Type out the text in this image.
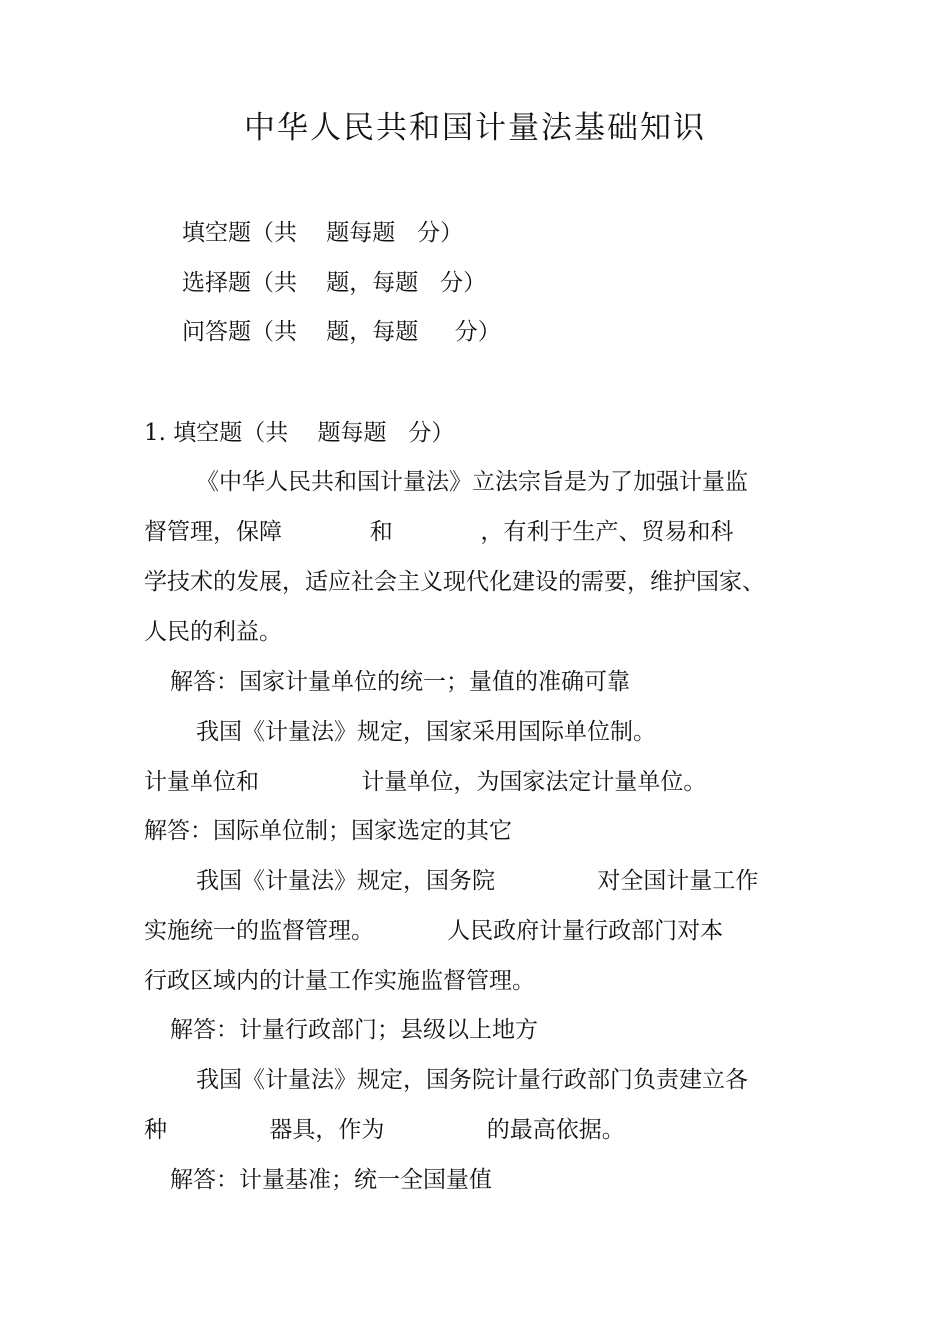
中华人民共和国计量法基础知识
填空题（共    题每题   分）
选择题（共    题，每题   分）
问答题（共    题，每题     分）
1. 填空题（共    题每题   分）
《中华人民共和国计量法》立法宗旨是为了加强计量监
督管理，保障            和            ，有利于生产、贸易和科
学技术的发展，适应社会主义现代化建设的需要，维护国家、
人民的利益。
解答：国家计量单位的统一；量值的准确可靠
我国《计量法》规定，国家采用国际单位制。
计量单位和              计量单位，为国家法定计量单位。
解答：国际单位制；国家选定的其它
我国《计量法》规定，国务院              对全国计量工作
实施统一的监督管理。          人民政府计量行政部门对本
行政区域内的计量工作实施监督管理。
解答：计量行政部门；县级以上地方
我国《计量法》规定，国务院计量行政部门负责建立各
种              器具，作为              的最高依据。
解答：计量基准；统一全国量值
